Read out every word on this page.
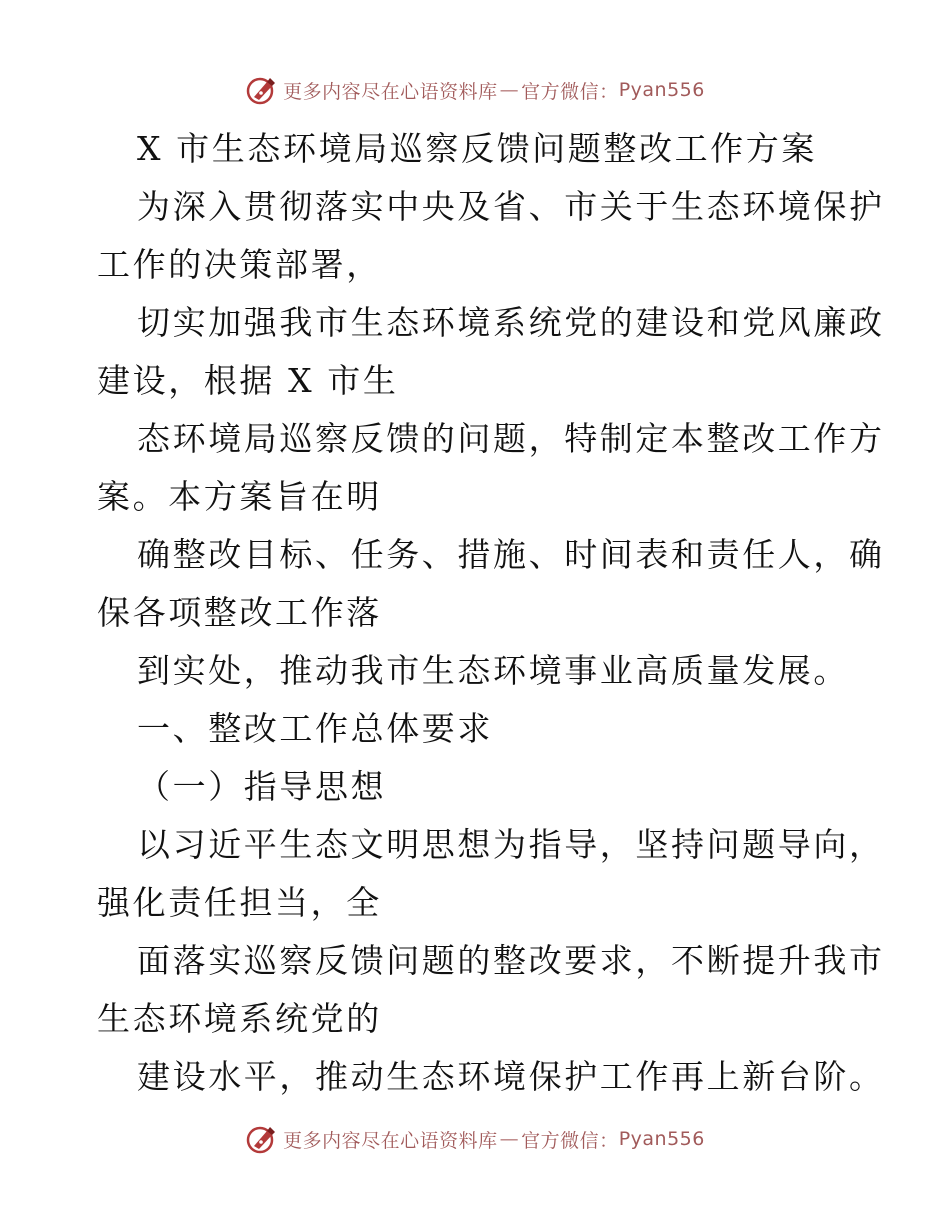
更多内容尽在心语资料库 — 官方微信： Pyan556

X 市生态环境局巡察反馈问题整改工作方案

为深入贯彻落实中央及省、市关于生态环境保护

工作的决策部署，

切实加强我市生态环境系统党的建设和党风廉政

建设，根据 X 市生

态环境局巡察反馈的问题，特制定本整改工作方

案。本方案旨在明

确整改目标、任务、措施、时间表和责任人，确

保各项整改工作落

到实处，推动我市生态环境事业高质量发展。

一、整改工作总体要求

（一）指导思想

以习近平生态文明思想为指导，坚持问题导向，

强化责任担当，全

面落实巡察反馈问题的整改要求，不断提升我市

生态环境系统党的

建设水平，推动生态环境保护工作再上新台阶。

更多内容尽在心语资料库 — 官方微信： Pyan556
